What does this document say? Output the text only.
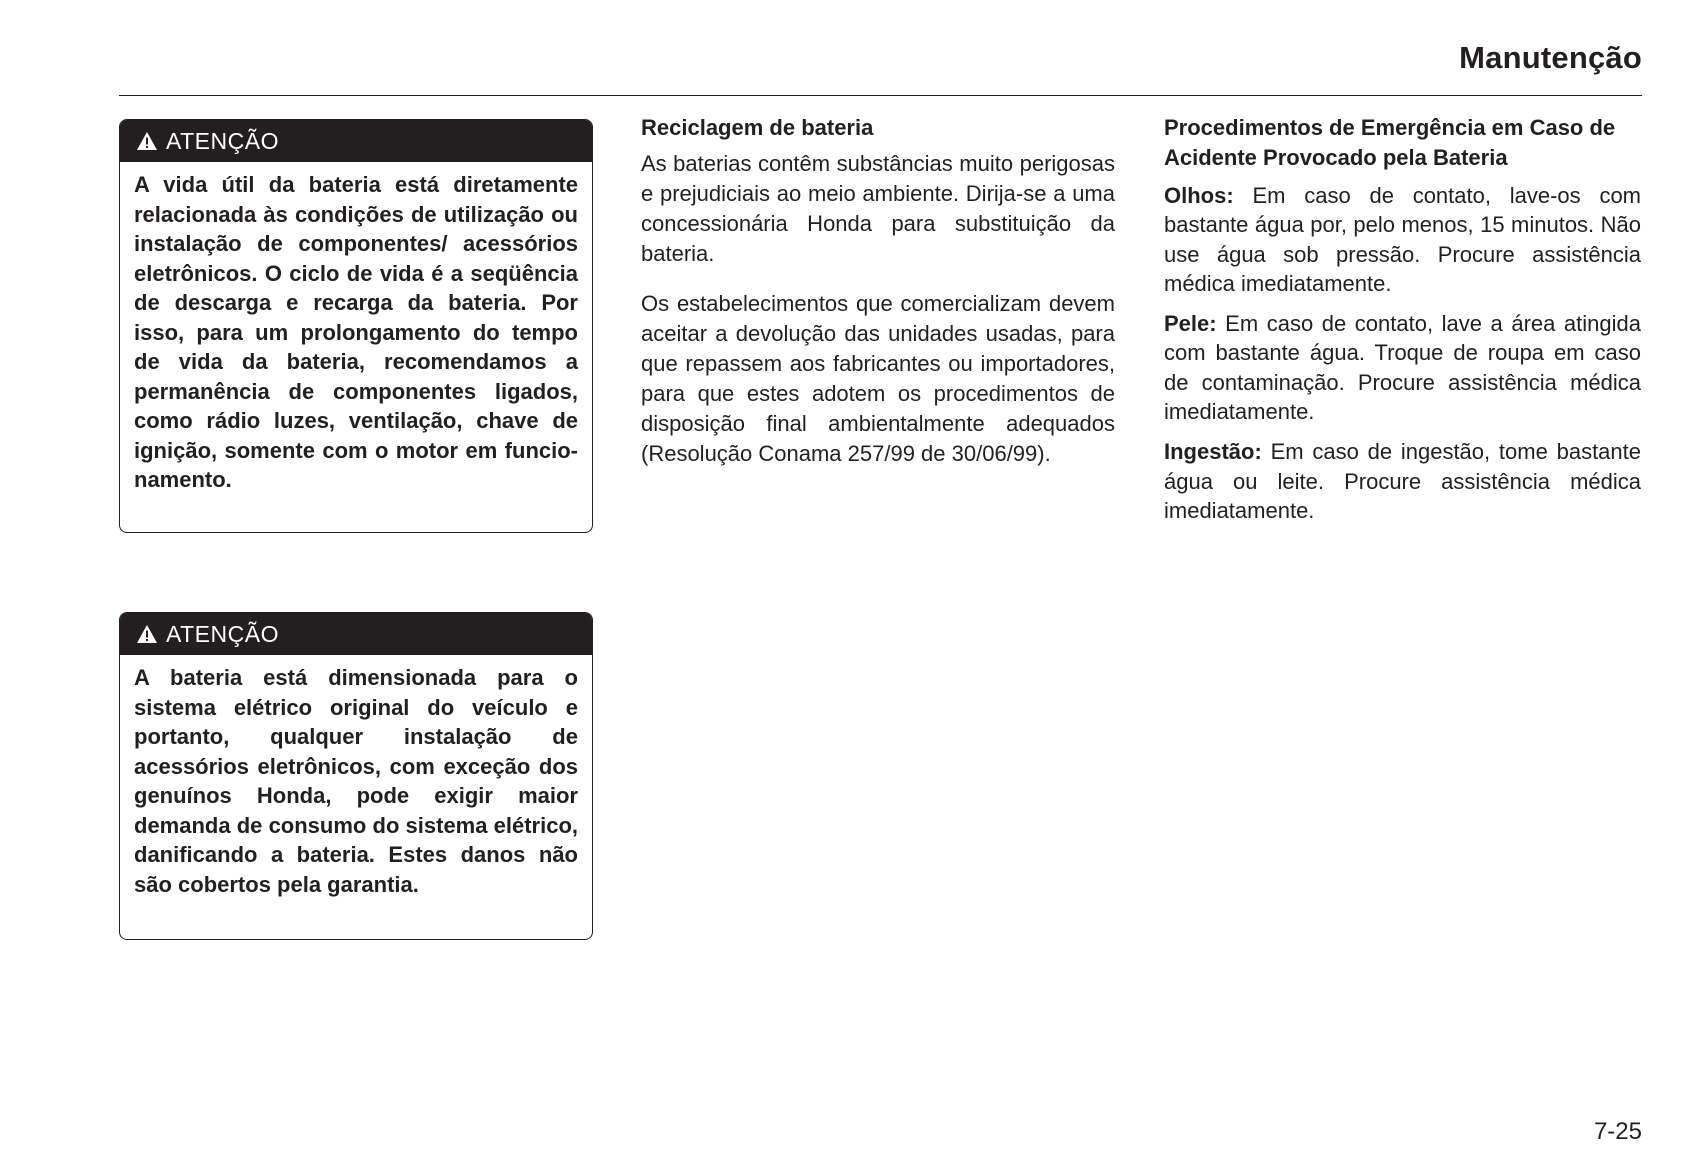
Manutenção
ATENÇÃO
A vida útil da bateria está diretamente relacionada às condições de utilização ou instalação de componentes/ acessórios eletrônicos. O ciclo de vida é a seqüência de descarga e recarga da bateria. Por isso, para um prolongamento do tempo de vida da bateria, recomendamos a permanência de componentes ligados, como rádio luzes, ventilação, chave de ignição, somente com o motor em funcionamento.
ATENÇÃO
A bateria está dimensionada para o sistema elétrico original do veículo e portanto, qualquer instalação de acessórios eletrônicos, com exceção dos genuínos Honda, pode exigir maior demanda de consumo do sistema elétrico, danificando a bateria. Estes danos não são cobertos pela garantia.
Reciclagem de bateria

As baterias contêm substâncias muito perigosas e prejudiciais ao meio ambiente. Dirija-se a uma concessionária Honda para substituição da bateria.

Os estabelecimentos que comercializam devem aceitar a devolução das unidades usadas, para que repassem aos fabricantes ou importadores, para que estes adotem os procedimentos de disposição final ambientalmente adequados (Resolução Conama 257/99 de 30/06/99).

Procedimentos de Emergência em Caso de Acidente Provocado pela Bateria

Olhos: Em caso de contato, lave-os com bastante água por, pelo menos, 15 minutos. Não use água sob pressão. Procure assistência médica imediatamente.

Pele: Em caso de contato, lave a área atingida com bastante água. Troque de roupa em caso de contaminação. Procure assistência médica imediatamente.

Ingestão: Em caso de ingestão, tome bastante água ou leite. Procure assistência médica imediatamente.

7-25
